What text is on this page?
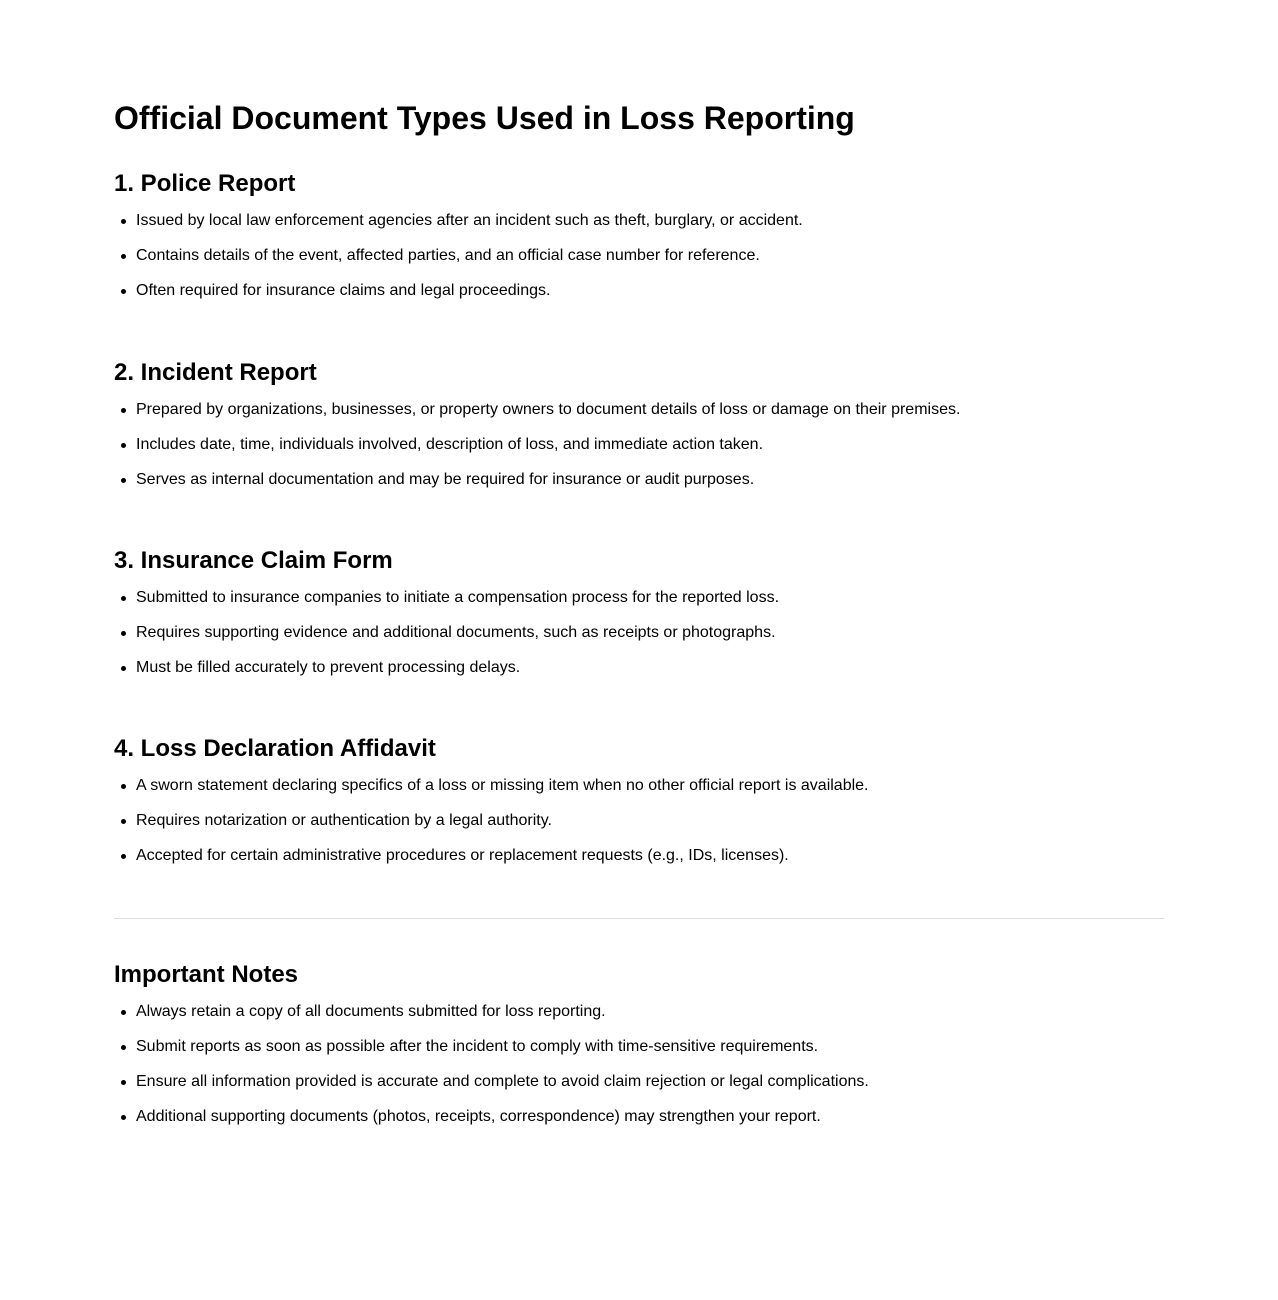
Official Document Types Used in Loss Reporting
1. Police Report
Issued by local law enforcement agencies after an incident such as theft, burglary, or accident.
Contains details of the event, affected parties, and an official case number for reference.
Often required for insurance claims and legal proceedings.
2. Incident Report
Prepared by organizations, businesses, or property owners to document details of loss or damage on their premises.
Includes date, time, individuals involved, description of loss, and immediate action taken.
Serves as internal documentation and may be required for insurance or audit purposes.
3. Insurance Claim Form
Submitted to insurance companies to initiate a compensation process for the reported loss.
Requires supporting evidence and additional documents, such as receipts or photographs.
Must be filled accurately to prevent processing delays.
4. Loss Declaration Affidavit
A sworn statement declaring specifics of a loss or missing item when no other official report is available.
Requires notarization or authentication by a legal authority.
Accepted for certain administrative procedures or replacement requests (e.g., IDs, licenses).
Important Notes
Always retain a copy of all documents submitted for loss reporting.
Submit reports as soon as possible after the incident to comply with time-sensitive requirements.
Ensure all information provided is accurate and complete to avoid claim rejection or legal complications.
Additional supporting documents (photos, receipts, correspondence) may strengthen your report.
